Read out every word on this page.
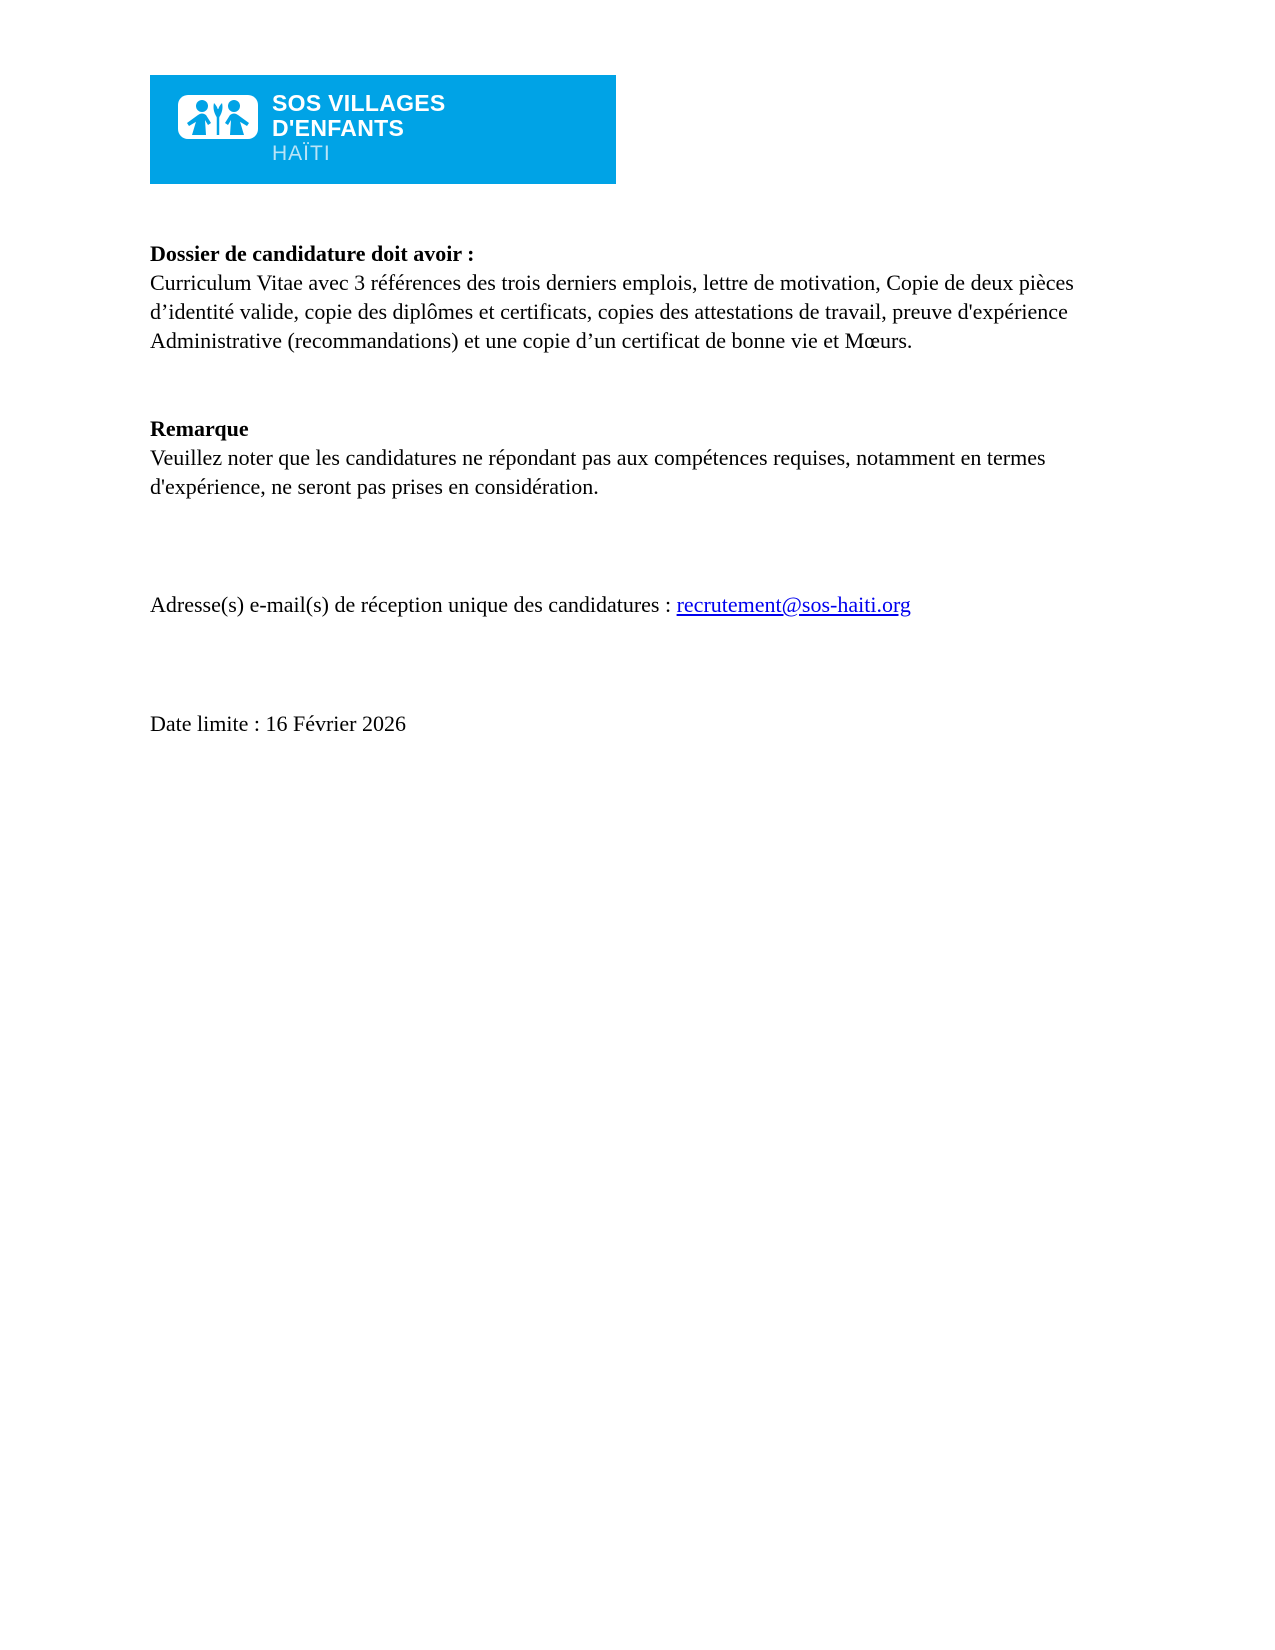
SOS VILLAGES
D'ENFANTS
HAÏTI
Dossier de candidature doit avoir :
Curriculum Vitae avec 3 références des trois derniers emplois, lettre de motivation, Copie de deux pièces d’identité valide, copie des diplômes et certificats, copies des attestations de travail, preuve d'expérience Administrative (recommandations) et une copie d’un certificat de bonne vie et Mœurs.
Remarque
Veuillez noter que les candidatures ne répondant pas aux compétences requises, notamment en termes d'expérience, ne seront pas prises en considération.
Adresse(s) e-mail(s) de réception unique des candidatures : recrutement@sos-haiti.org
Date limite : 16 Février 2026
